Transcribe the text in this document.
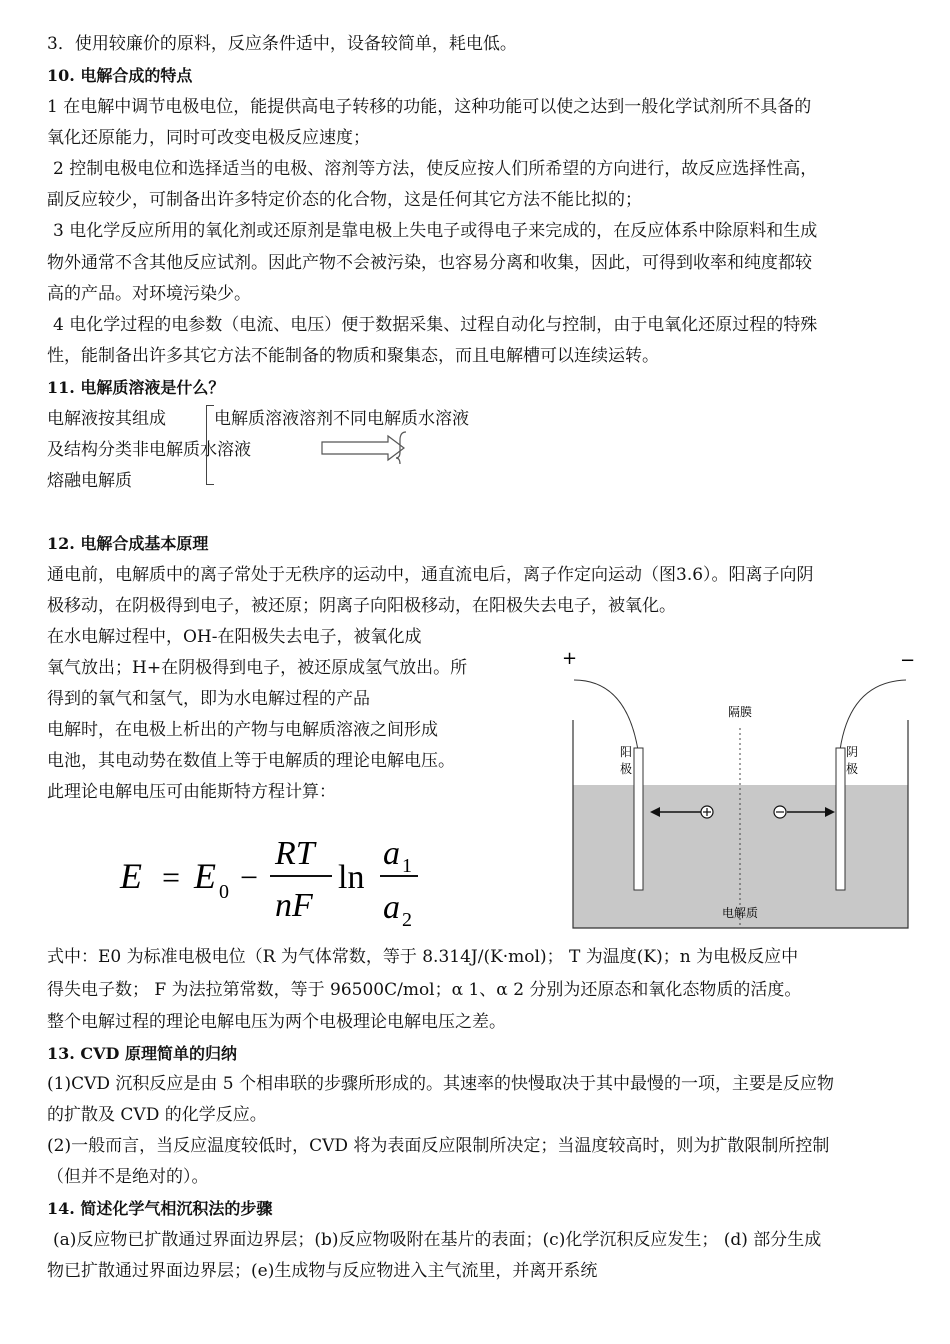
3．使用较廉价的原料，反应条件适中，设备较简单，耗电低。
10. 电解合成的特点
1 在电解中调节电极电位，能提供高电子转移的功能，这种功能可以使之达到一般化学试剂所不具备的
氧化还原能力，同时可改变电极反应速度；
2 控制电极电位和选择适当的电极、溶剂等方法，使反应按人们所希望的方向进行，故反应选择性高，
副反应较少，可制备出许多特定价态的化合物，这是任何其它方法不能比拟的；
3 电化学反应所用的氧化剂或还原剂是靠电极上失电子或得电子来完成的，在反应体系中除原料和生成
物外通常不含其他反应试剂。因此产物不会被污染，也容易分离和收集，因此，可得到收率和纯度都较
高的产品。对环境污染少。
4 电化学过程的电参数（电流、电压）便于数据采集、过程自动化与控制，由于电氧化还原过程的特殊
性，能制备出许多其它方法不能制备的物质和聚集态，而且电解槽可以连续运转。
11. 电解质溶液是什么？
电解液按其组成	电解质溶液溶剂不同电解质水溶液
及结构分类非电解质水溶液
熔融电解质
12. 电解合成基本原理
通电前，电解质中的离子常处于无秩序的运动中，通直流电后，离子作定向运动（图3.6）。阳离子向阴
极移动，在阴极得到电子，被还原；阴离子向阳极移动，在阳极失去电子，被氧化。
在水电解过程中，OH-在阳极失去电子，被氧化成
氧气放出；H+在阴极得到电子，被还原成氢气放出。所
得到的氧气和氢气，即为水电解过程的产品
电解时，在电极上析出的产物与电解质溶液之间形成
电池，其电动势在数值上等于电解质的理论电解电压。
此理论电解电压可由能斯特方程计算：
E = E 0 −
RT
nF
ln
a 1
a 2
+	−
隔膜
阳
极
阴
极
电解质
式中：E0 为标准电极电位（R 为气体常数，等于 8.314J/(K·mol)； T 为温度(K)；n 为电极反应中
得失电子数； F 为法拉第常数，等于 96500C/mol；α 1、α 2 分别为还原态和氧化态物质的活度。
整个电解过程的理论电解电压为两个电极理论电解电压之差。
13. CVD 原理简单的归纳
(1)CVD 沉积反应是由 5 个相串联的步骤所形成的。其速率的快慢取决于其中最慢的一项，主要是反应物
的扩散及 CVD 的化学反应。
(2)一般而言，当反应温度较低时，CVD 将为表面反应限制所决定；当温度较高时，则为扩散限制所控制
（但并不是绝对的）。
14. 简述化学气相沉积法的步骤
(a)反应物已扩散通过界面边界层；(b)反应物吸附在基片的表面；(c)化学沉积反应发生； (d) 部分生成
物已扩散通过界面边界层；(e)生成物与反应物进入主气流里，并离开系统
